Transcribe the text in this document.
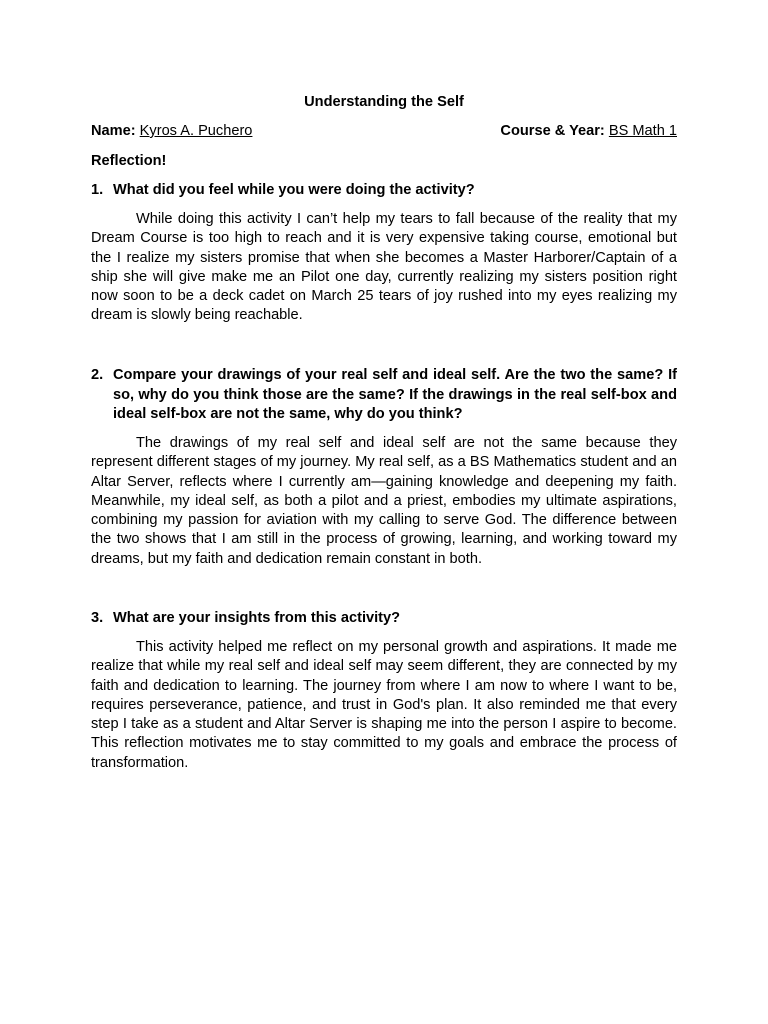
Understanding the Self
Name: Kyros A. Puchero	Course & Year: BS Math 1
Reflection!
1. What did you feel while you were doing the activity?

While doing this activity I can’t help my tears to fall because of the reality that my Dream Course is too high to reach and it is very expensive taking course, emotional but the I realize my sisters promise that when she becomes a Master Harborer/Captain of a ship she will give make me an Pilot one day, currently realizing my sisters position right now soon to be a deck cadet on March 25 tears of joy rushed into my eyes realizing my dream is slowly being reachable.

2. Compare your drawings of your real self and ideal self. Are the two the same? If so, why do you think those are the same? If the drawings in the real self-box and ideal self-box are not the same, why do you think?

The drawings of my real self and ideal self are not the same because they represent different stages of my journey. My real self, as a BS Mathematics student and an Altar Server, reflects where I currently am—gaining knowledge and deepening my faith. Meanwhile, my ideal self, as both a pilot and a priest, embodies my ultimate aspirations, combining my passion for aviation with my calling to serve God. The difference between the two shows that I am still in the process of growing, learning, and working toward my dreams, but my faith and dedication remain constant in both.

3. What are your insights from this activity?

This activity helped me reflect on my personal growth and aspirations. It made me realize that while my real self and ideal self may seem different, they are connected by my faith and dedication to learning. The journey from where I am now to where I want to be, requires perseverance, patience, and trust in God's plan. It also reminded me that every step I take as a student and Altar Server is shaping me into the person I aspire to become. This reflection motivates me to stay committed to my goals and embrace the process of transformation.
